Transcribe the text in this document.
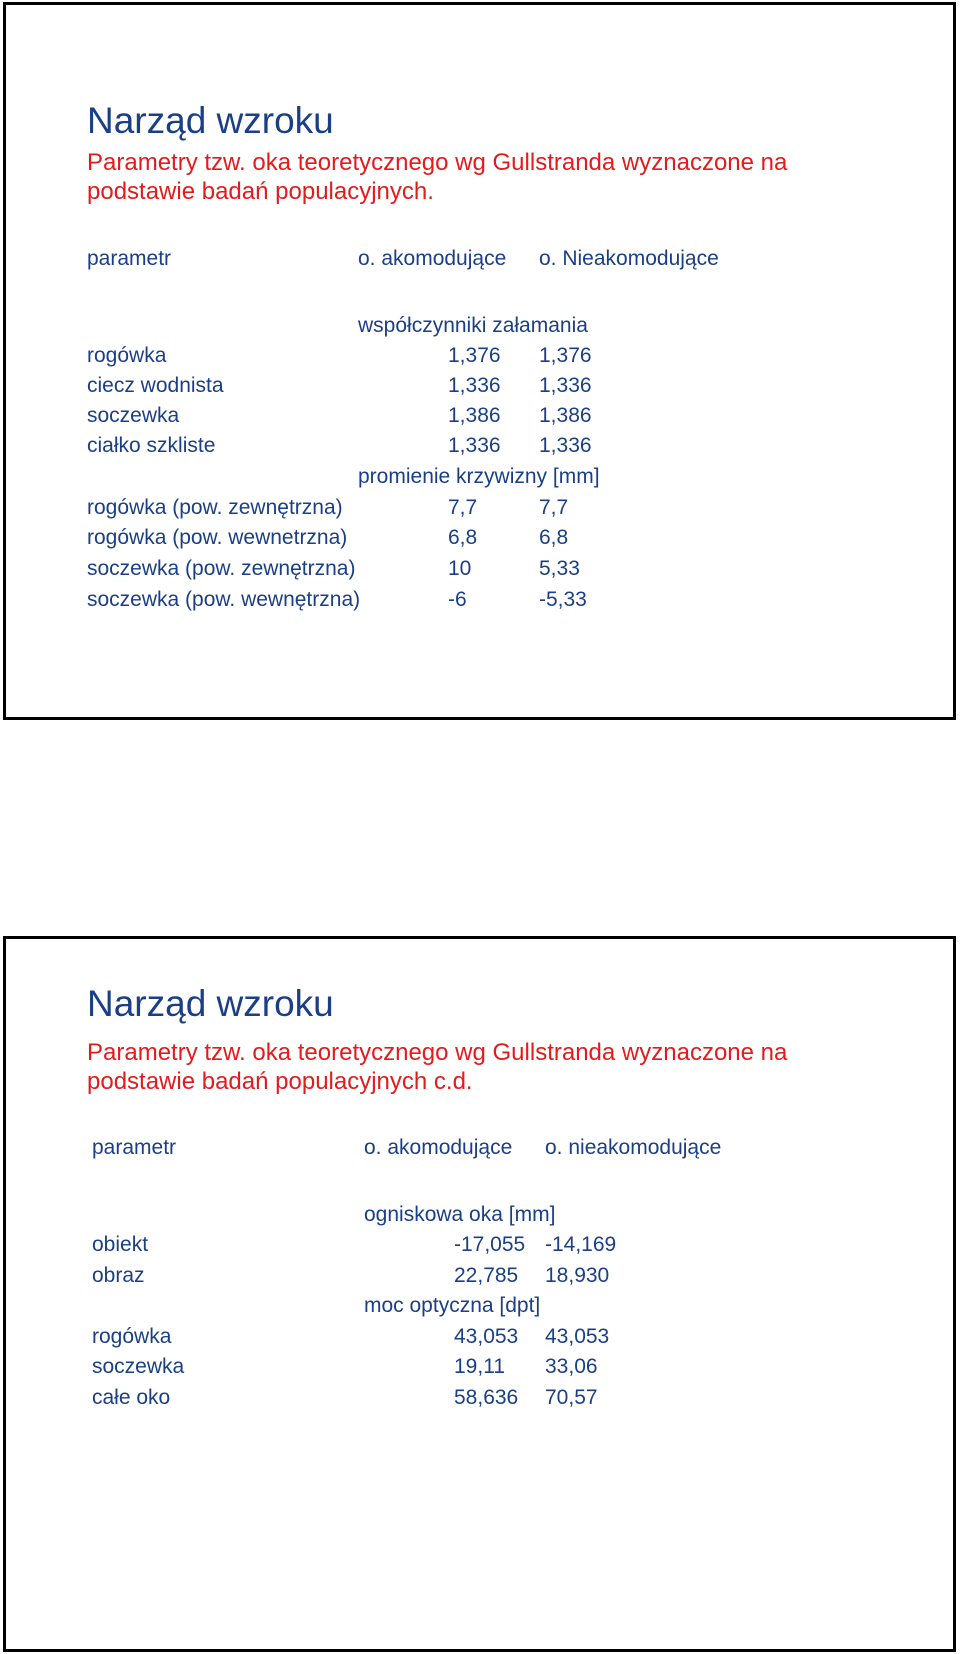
Narząd wzroku
Parametry tzw. oka teoretycznego wg Gullstranda wyznaczone na
podstawie badań populacyjnych.
parametr	o. akomodujące o. Nieakomodujące
współczynniki załamania
rogówka	1,376 1,376
ciecz wodnista	1,336 1,336
soczewka	1,386 1,386
ciałko szkliste	1,336 1,336
promienie krzywizny [mm]
rogówka (pow. zewnętrzna)	7,7	7,7
rogówka (pow. wewnetrzna)	6,8	6,8
soczewka (pow. zewnętrzna)	10	5,33
soczewka (pow. wewnętrzna)	-6	-5,33
Narząd wzroku
Parametry tzw. oka teoretycznego wg Gullstranda wyznaczone na
podstawie badań populacyjnych c.d.
parametr	o. akomodujące o. nieakomodujące
ogniskowa oka [mm]
obiekt	-17,055 -14,169
obraz	22,785 18,930
moc optyczna [dpt]
rogówka	43,053 43,053
soczewka	19,11 33,06
całe oko	58,636 70,57
